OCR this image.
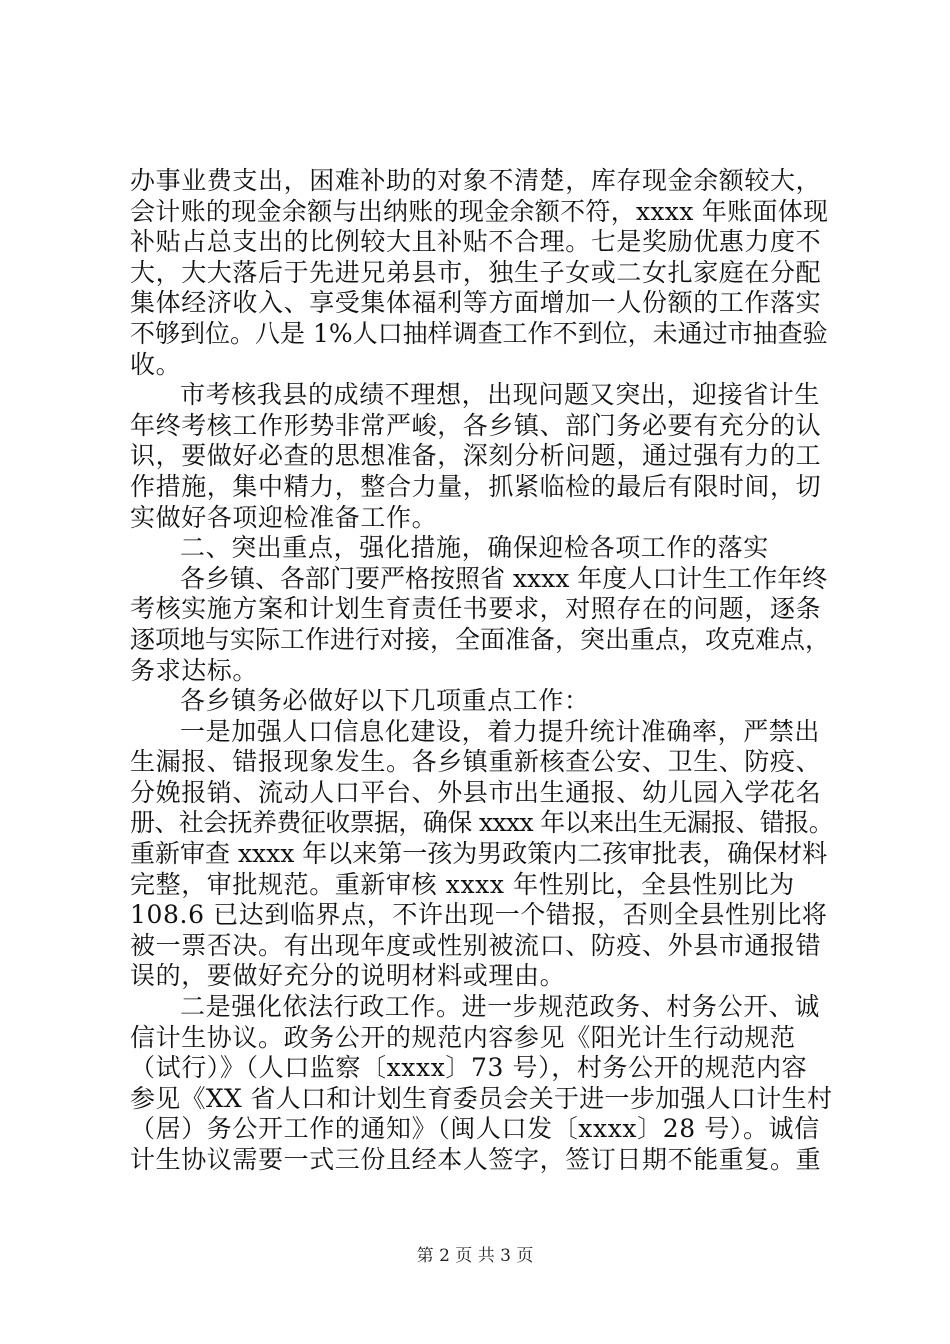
办事业费支出，困难补助的对象不清楚，库存现金余额较大，
会计账的现金余额与出纳账的现金余额不符，xxxx 年账面体现
补贴占总支出的比例较大且补贴不合理。七是奖励优惠力度不
大，大大落后于先进兄弟县市，独生子女或二女扎家庭在分配
集体经济收入、享受集体福利等方面增加一人份额的工作落实
不够到位。八是 1%人口抽样调查工作不到位，未通过市抽查验
收。
市考核我县的成绩不理想，出现问题又突出，迎接省计生
年终考核工作形势非常严峻，各乡镇、部门务必要有充分的认
识，要做好必查的思想准备，深刻分析问题，通过强有力的工
作措施，集中精力，整合力量，抓紧临检的最后有限时间，切
实做好各项迎检准备工作。
二、突出重点，强化措施，确保迎检各项工作的落实
各乡镇、各部门要严格按照省 xxxx 年度人口计生工作年终
考核实施方案和计划生育责任书要求，对照存在的问题，逐条
逐项地与实际工作进行对接，全面准备，突出重点，攻克难点，
务求达标。
各乡镇务必做好以下几项重点工作：
一是加强人口信息化建设，着力提升统计准确率，严禁出
生漏报、错报现象发生。各乡镇重新核查公安、卫生、防疫、
分娩报销、流动人口平台、外县市出生通报、幼儿园入学花名
册、社会抚养费征收票据，确保 xxxx 年以来出生无漏报、错报。
重新审查 xxxx 年以来第一孩为男政策内二孩审批表，确保材料
完整，审批规范。重新审核 xxxx 年性别比，全县性别比为
108.6 已达到临界点，不许出现一个错报，否则全县性别比将
被一票否决。有出现年度或性别被流口、防疫、外县市通报错
误的，要做好充分的说明材料或理由。
二是强化依法行政工作。进一步规范政务、村务公开、诚
信计生协议。政务公开的规范内容参见《阳光计生行动规范
（试行）》（人口监察〔xxxx〕73 号），村务公开的规范内容
参见《XX 省人口和计划生育委员会关于进一步加强人口计生村
（居）务公开工作的通知》（闽人口发〔xxxx〕28 号）。诚信
计生协议需要一式三份且经本人签字，签订日期不能重复。重
第 2 页 共 3 页
